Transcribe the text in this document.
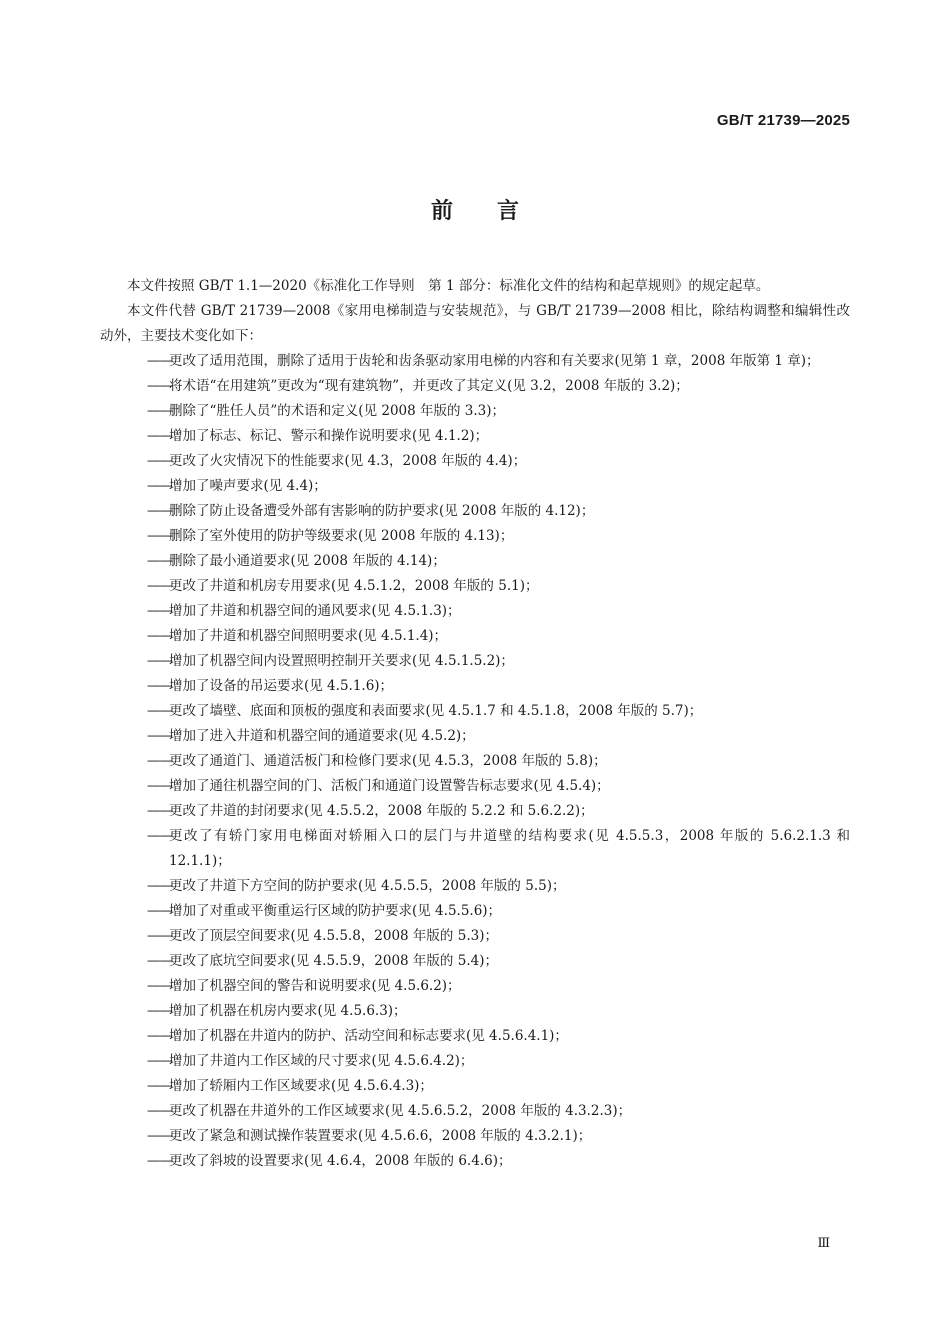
GB/T 21739—2025
前言

本文件按照 GB/T 1.1—2020《标准化工作导则　第 1 部分：标准化文件的结构和起草规则》的规定起草。

本文件代替 GB/T 21739—2008《家用电梯制造与安装规范》，与 GB/T 21739—2008 相比，除结构调整和编辑性改动外，主要技术变化如下：

——
更改了适用范围，删除了适用于齿轮和齿条驱动家用电梯的内容和有关要求(见第 1 章，2008 年版第 1 章)；
——
将术语“在用建筑”更改为“现有建筑物”，并更改了其定义(见 3.2，2008 年版的 3.2)；
——
删除了“胜任人员”的术语和定义(见 2008 年版的 3.3)；
——
增加了标志、标记、警示和操作说明要求(见 4.1.2)；
——
更改了火灾情况下的性能要求(见 4.3，2008 年版的 4.4)；
——
增加了噪声要求(见 4.4)；
——
删除了防止设备遭受外部有害影响的防护要求(见 2008 年版的 4.12)；
——
删除了室外使用的防护等级要求(见 2008 年版的 4.13)；
——
删除了最小通道要求(见 2008 年版的 4.14)；
——
更改了井道和机房专用要求(见 4.5.1.2，2008 年版的 5.1)；
——
增加了井道和机器空间的通风要求(见 4.5.1.3)；
——
增加了井道和机器空间照明要求(见 4.5.1.4)；
——
增加了机器空间内设置照明控制开关要求(见 4.5.1.5.2)；
——
增加了设备的吊运要求(见 4.5.1.6)；
——
更改了墙壁、底面和顶板的强度和表面要求(见 4.5.1.7 和 4.5.1.8，2008 年版的 5.7)；
——
增加了进入井道和机器空间的通道要求(见 4.5.2)；
——
更改了通道门、通道活板门和检修门要求(见 4.5.3，2008 年版的 5.8)；
——
增加了通往机器空间的门、活板门和通道门设置警告标志要求(见 4.5.4)；
——
更改了井道的封闭要求(见 4.5.5.2，2008 年版的 5.2.2 和 5.6.2.2)；
——
更改了有轿门家用电梯面对轿厢入口的层门与井道壁的结构要求(见 4.5.5.3，2008 年版的 5.6.2.1.3 和 12.1.1)；
——
更改了井道下方空间的防护要求(见 4.5.5.5，2008 年版的 5.5)；
——
增加了对重或平衡重运行区域的防护要求(见 4.5.5.6)；
——
更改了顶层空间要求(见 4.5.5.8，2008 年版的 5.3)；
——
更改了底坑空间要求(见 4.5.5.9，2008 年版的 5.4)；
——
增加了机器空间的警告和说明要求(见 4.5.6.2)；
——
增加了机器在机房内要求(见 4.5.6.3)；
——
增加了机器在井道内的防护、活动空间和标志要求(见 4.5.6.4.1)；
——
增加了井道内工作区域的尺寸要求(见 4.5.6.4.2)；
——
增加了轿厢内工作区域要求(见 4.5.6.4.3)；
——
更改了机器在井道外的工作区域要求(见 4.5.6.5.2，2008 年版的 4.3.2.3)；
——
更改了紧急和测试操作装置要求(见 4.5.6.6，2008 年版的 4.3.2.1)；
——
更改了斜坡的设置要求(见 4.6.4，2008 年版的 6.4.6)；
Ⅲ
